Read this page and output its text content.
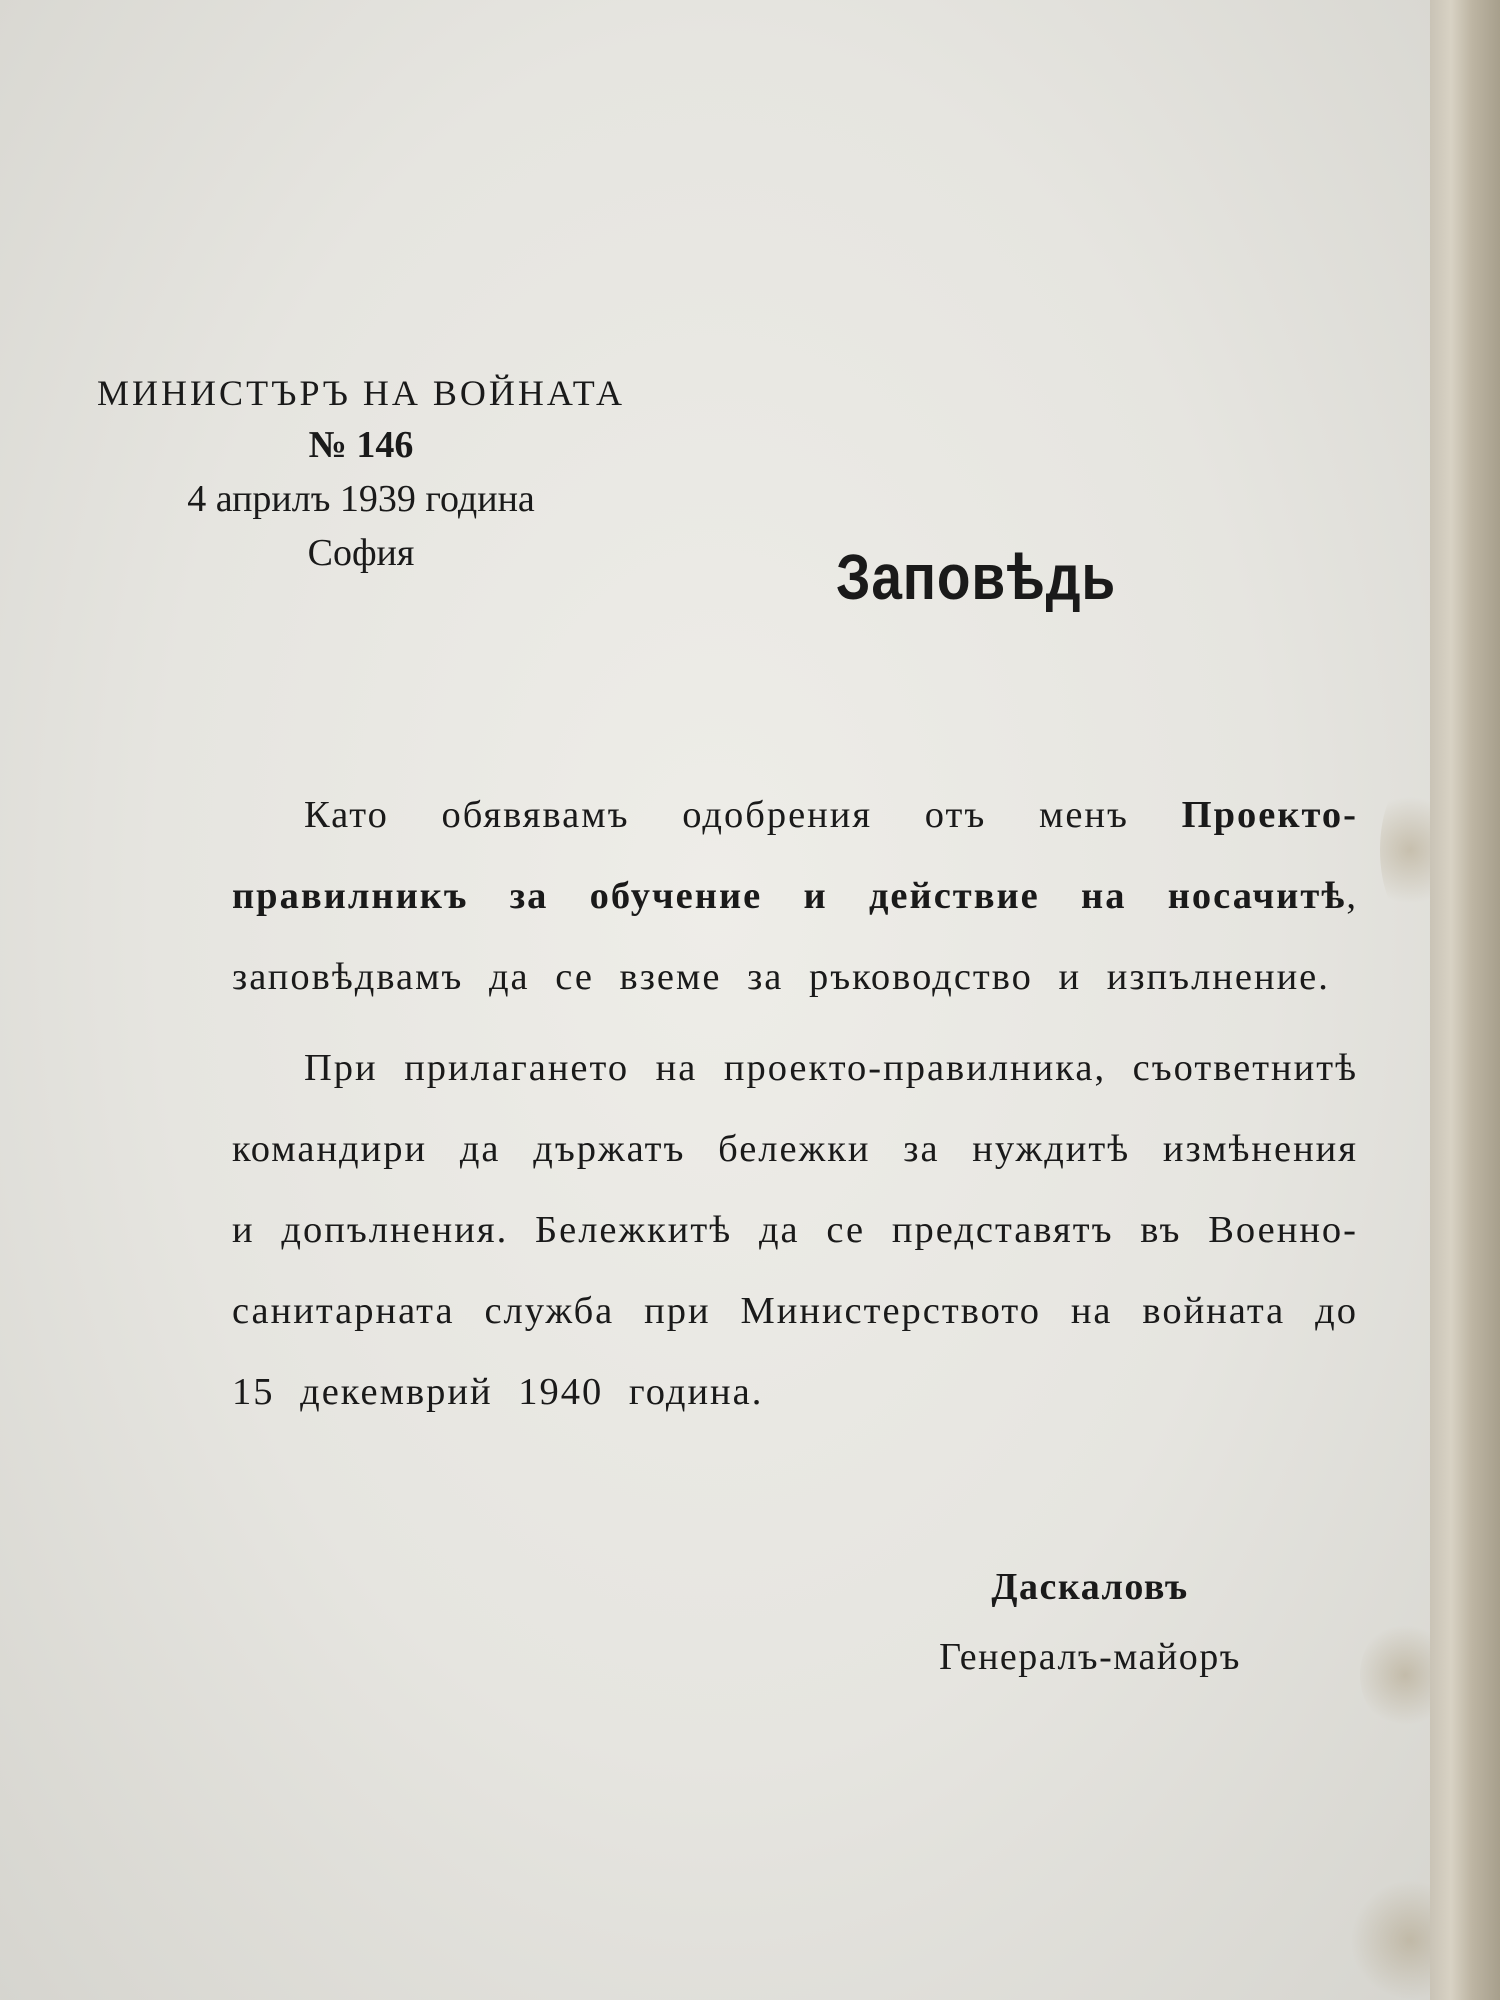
МИНИСТЪРЪ НА ВОЙНАТА
№ 146
4 априлъ 1939 година
София	Заповѣдь

Като обявявамъ одобрения отъ менъ Проекто-правилникъ за обучение и действие на носачитѣ, заповѣдвамъ да се вземе за ръководство и изпълнение.

При прилагането на проекто-правилника, съответнитѣ командири да държатъ бележки за нуждитѣ измѣнения и допълнения. Бележкитѣ да се представятъ въ Военно-санитарната служба при Министерството на войната до 15 декемврий 1940 година.

Даскаловъ
Генералъ-майоръ
